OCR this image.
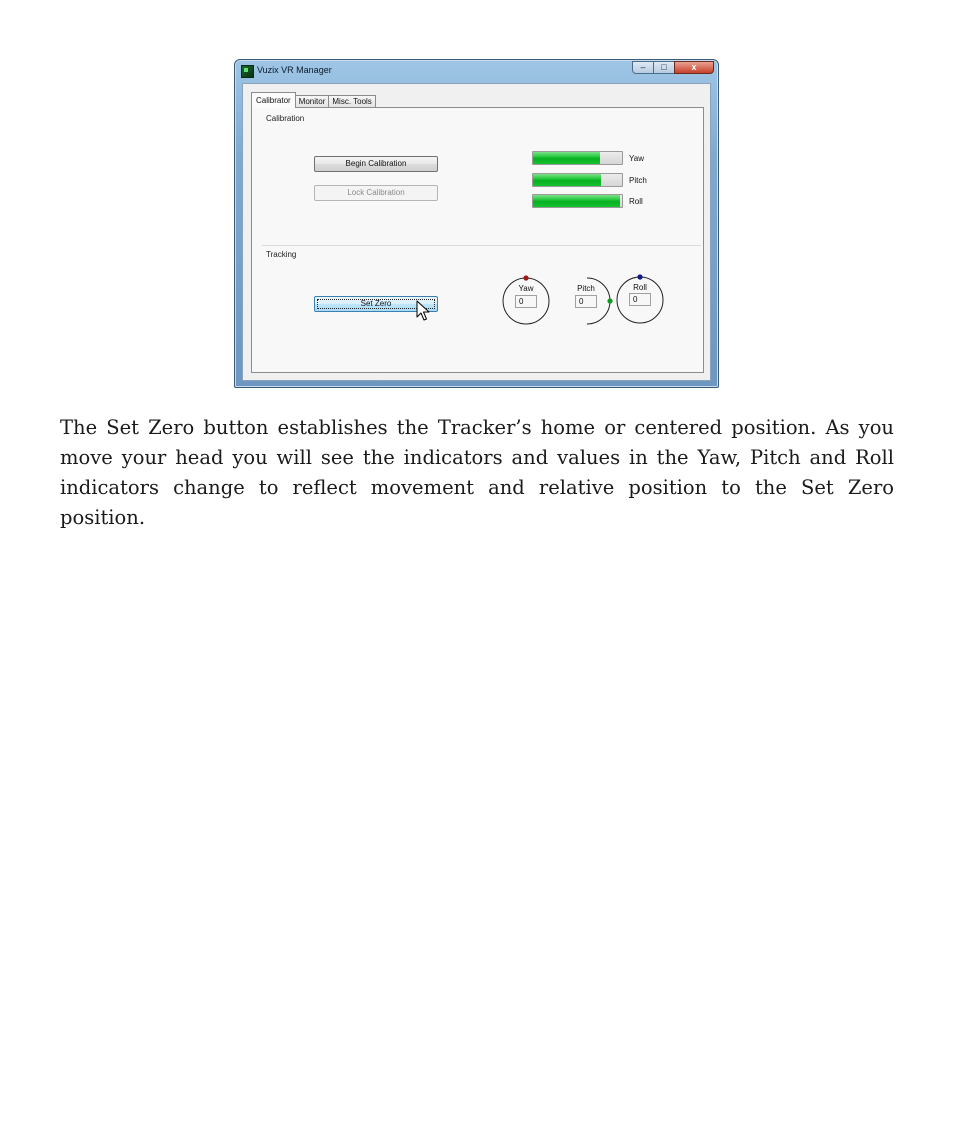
Vuzix VR Manager	–	□	x
Calibrator	Monitor Misc. Tools
Calibration
Begin Calibration
Lock Calibration
Yaw
Pitch
Roll
Tracking
Set Zero
Yaw
0
Pitch
0
Roll
0
The Set Zero button establishes the Tracker’s home or centered position. As you move your head you will see the indicators and values in the Yaw, Pitch and Roll indicators change to reflect movement and relative position to the Set Zero position.
